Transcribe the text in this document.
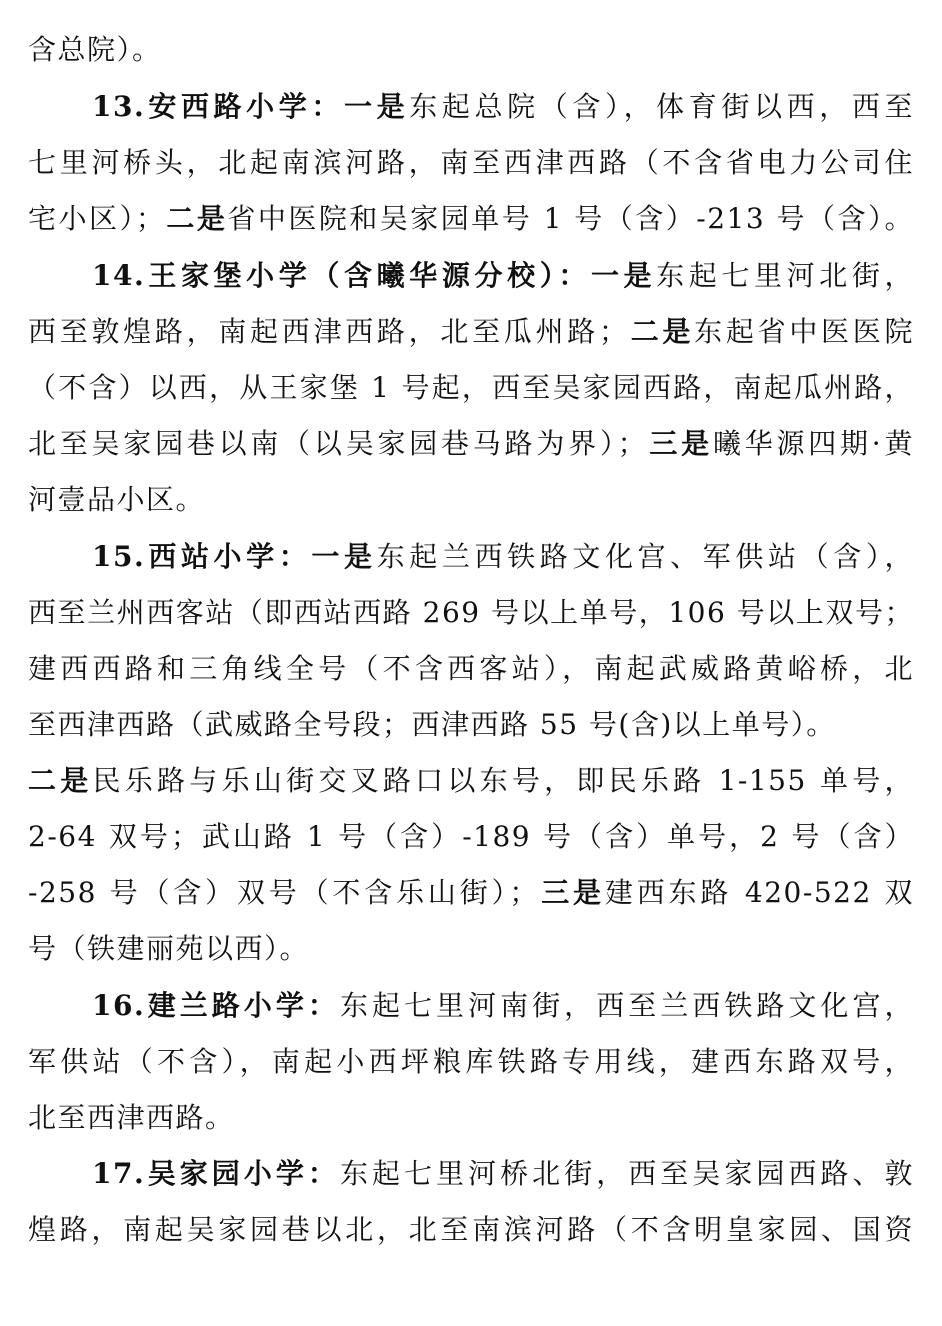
含总院）。
13.安西路小学：一是东起总院（含），体育街以西，西至
七里河桥头，北起南滨河路，南至西津西路（不含省电力公司住
宅小区）；二是省中医院和吴家园单号 1 号（含）-213 号（含）。
14.王家堡小学（含曦华源分校）：一是东起七里河北街，
西至敦煌路，南起西津西路，北至瓜州路；二是东起省中医医院
（不含）以西，从王家堡 1 号起，西至吴家园西路，南起瓜州路，
北至吴家园巷以南（以吴家园巷马路为界）；三是曦华源四期·黄
河壹品小区。
15.西站小学：一是东起兰西铁路文化宫、军供站（含），
西至兰州西客站（即西站西路 269 号以上单号，106 号以上双号；
建西西路和三角线全号（不含西客站），南起武威路黄峪桥，北
至西津西路（武威路全号段；西津西路 55 号(含)以上单号）。
二是民乐路与乐山街交叉路口以东号，即民乐路 1-155 单号，
2-64 双号；武山路 1 号（含）-189 号（含）单号，2 号（含）
-258 号（含）双号（不含乐山街）；三是建西东路 420-522 双
号（铁建丽苑以西）。
16.建兰路小学：东起七里河南街，西至兰西铁路文化宫，
军供站（不含），南起小西坪粮库铁路专用线，建西东路双号，
北至西津西路。
17.吴家园小学：东起七里河桥北街，西至吴家园西路、敦
煌路，南起吴家园巷以北，北至南滨河路（不含明皇家园、国资
